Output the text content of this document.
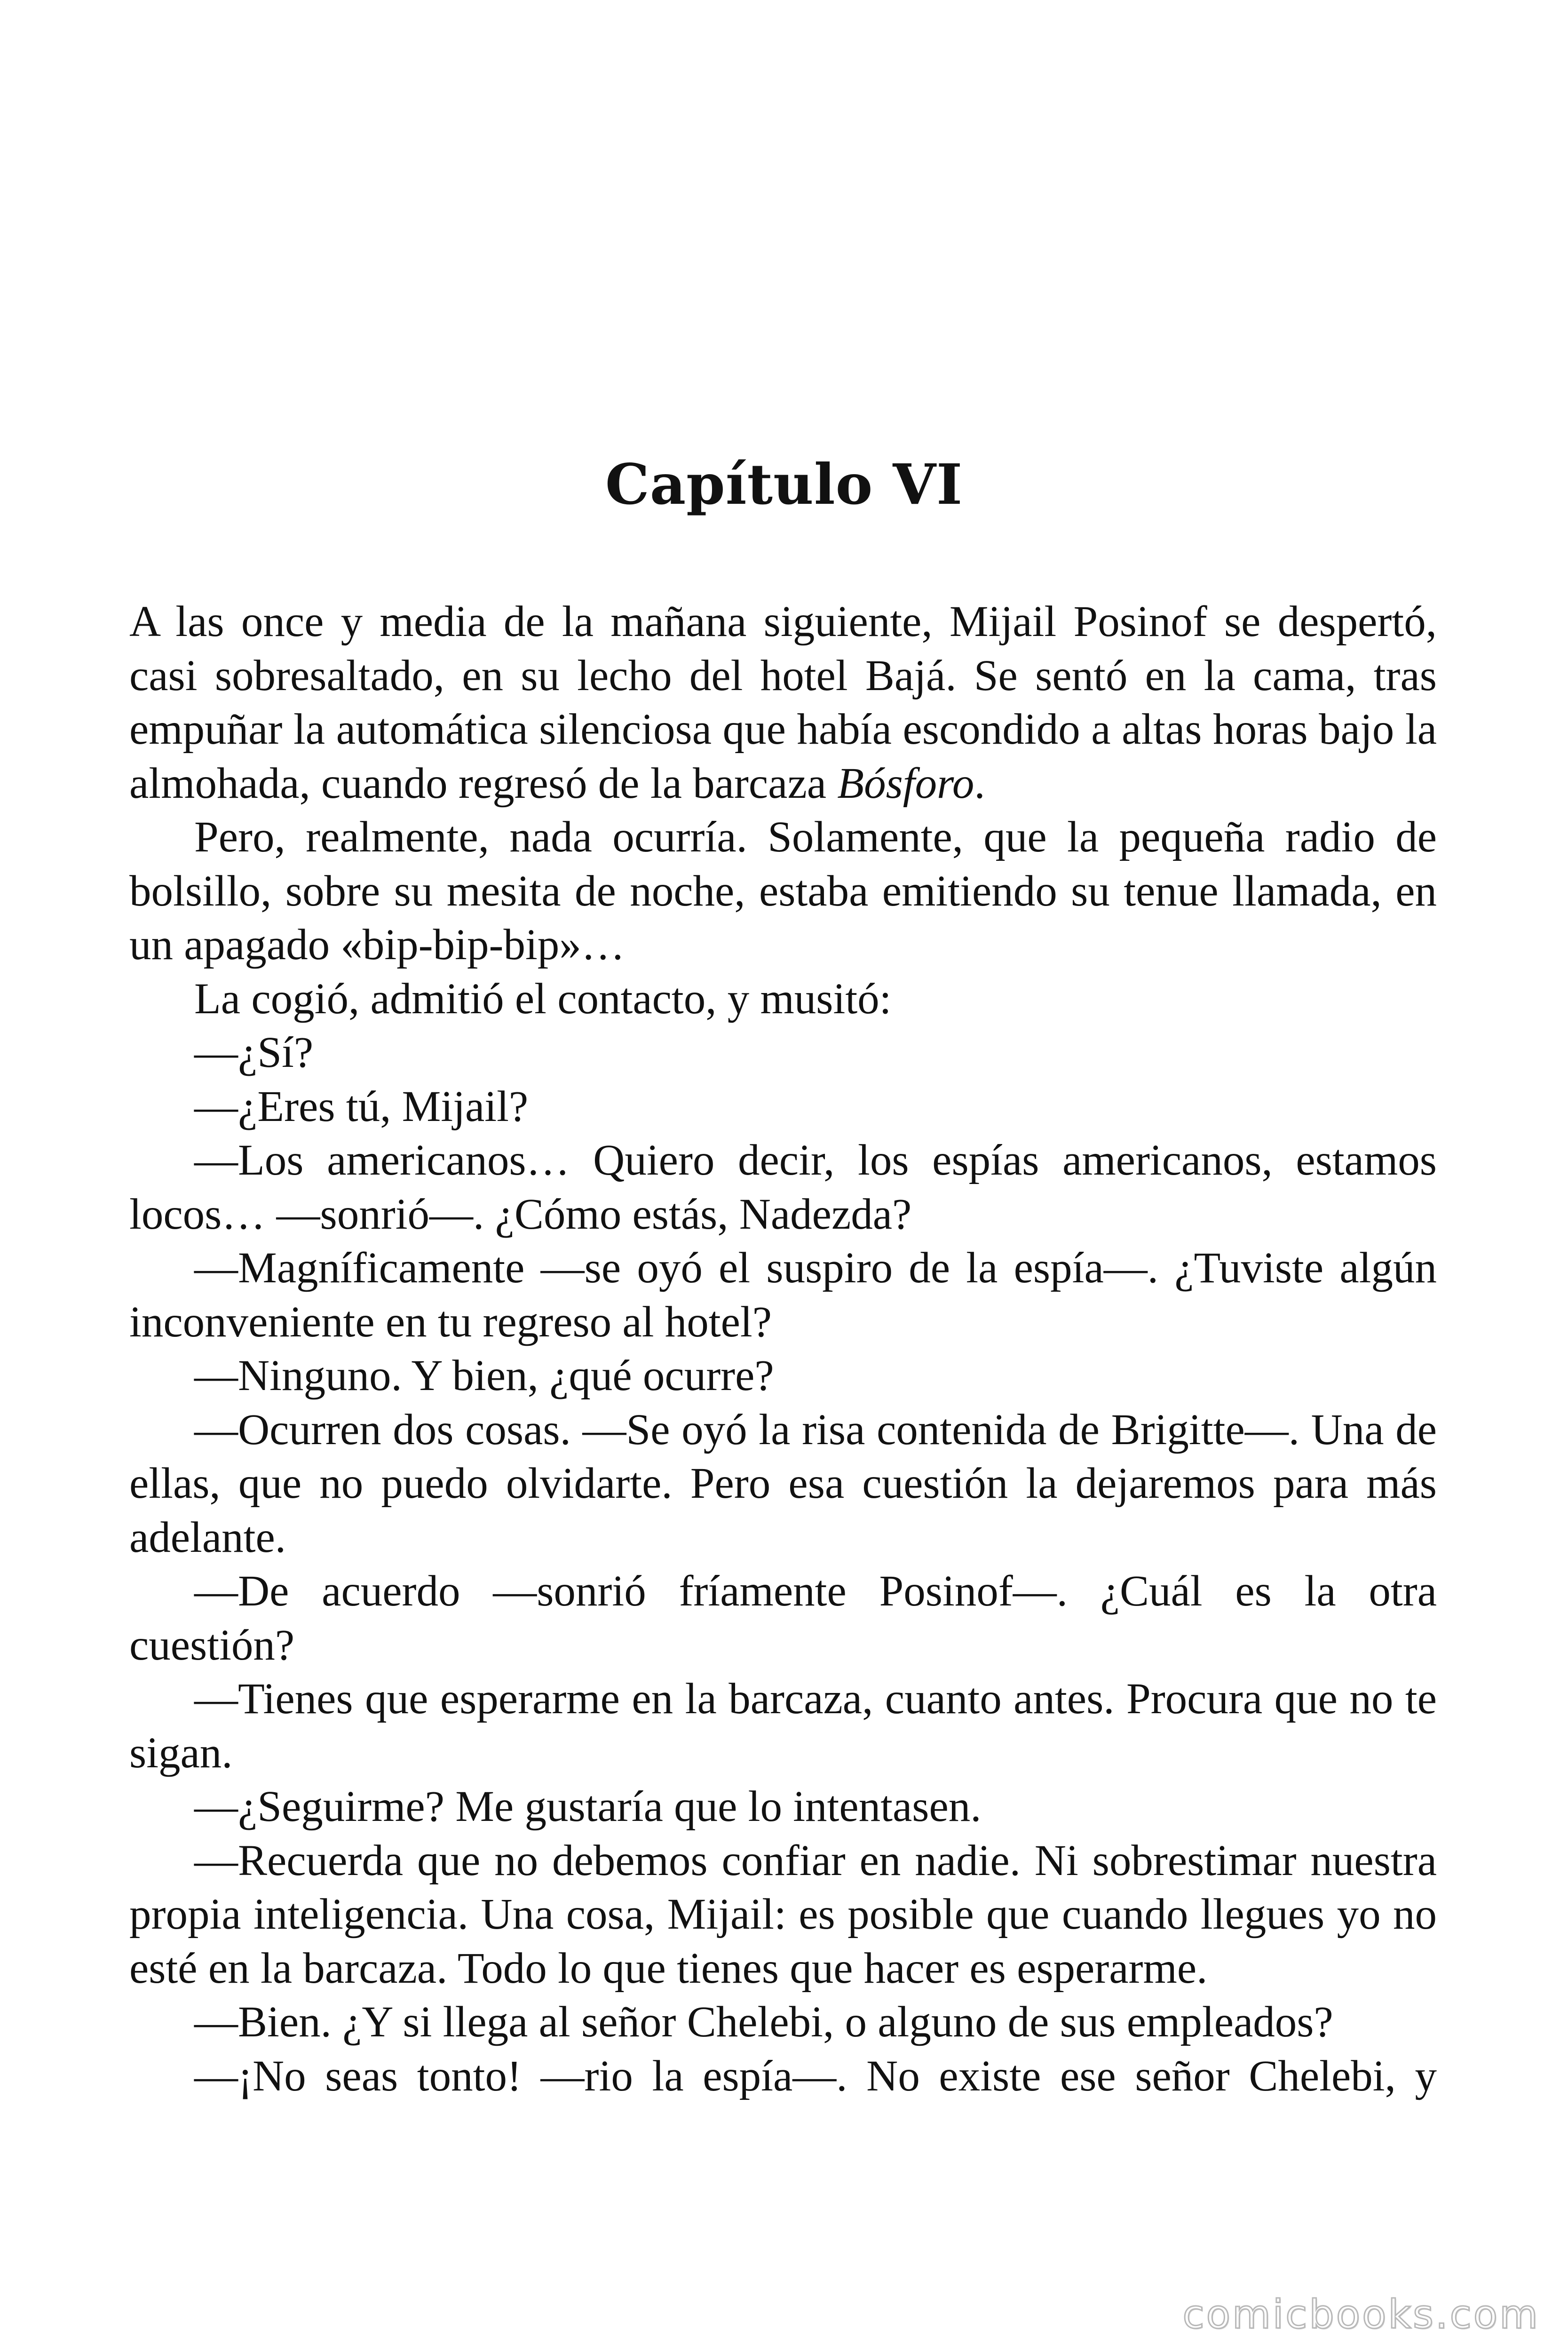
Capítulo VI

A las once y media de la mañana siguiente, Mijail Posinof se despertó, casi sobresaltado, en su lecho del hotel Bajá. Se sentó en la cama, tras empuñar la automática silenciosa que había escondido a altas horas bajo la almohada, cuando regresó de la barcaza Bósforo.

Pero, realmente, nada ocurría. Solamente, que la pequeña radio de bolsillo, sobre su mesita de noche, estaba emitiendo su tenue llamada, en un apagado «bip-bip-bip»…

La cogió, admitió el contacto, y musitó:

—¿Sí?

—¿Eres tú, Mijail?

—Los americanos… Quiero decir, los espías americanos, estamos locos… —sonrió—. ¿Cómo estás, Nadezda?

—Magníficamente —se oyó el suspiro de la espía—. ¿Tuviste algún inconveniente en tu regreso al hotel?

—Ninguno. Y bien, ¿qué ocurre?

—Ocurren dos cosas. —Se oyó la risa contenida de Brigitte—. Una de ellas, que no puedo olvidarte. Pero esa cuestión la dejaremos para más adelante.

—De acuerdo —sonrió fríamente Posinof—. ¿Cuál es la otra cuestión?

—Tienes que esperarme en la barcaza, cuanto antes. Procura que no te sigan.

—¿Seguirme? Me gustaría que lo intentasen.

—Recuerda que no debemos confiar en nadie. Ni sobrestimar nuestra propia inteligencia. Una cosa, Mijail: es posible que cuando llegues yo no esté en la barcaza. Todo lo que tienes que hacer es esperarme.

—Bien. ¿Y si llega al señor Chelebi, o alguno de sus empleados?

—¡No seas tonto! —rio la espía—. No existe ese señor Chelebi, y

comicbooks.com
